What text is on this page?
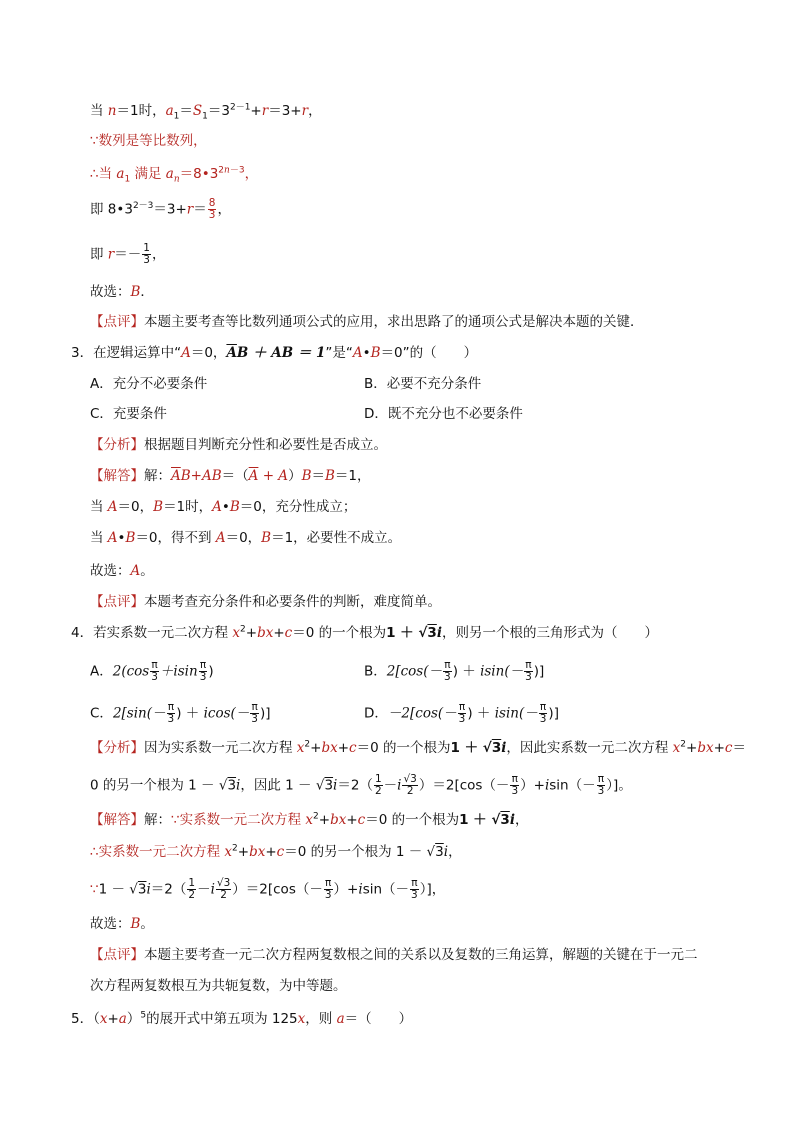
当 n＝1时，$a_1=S_1=3^{2-1}+r=3+r$，
∵数列是等比数列，
∴当 $a_1$ 满足 $a_n=8•3^{2n-3}$，
即 $8•3^{2-3}=3+r= \frac{8}{3}$ ，
即 $r=- \frac{1}{3}$ ，
故选：B．
【点评】本题主要考查等比数列通项公式的应用，求出思路了的通项公式是解决本题的关键．
3．在逻辑运算中“A＝0，$\overline{A}B$ ＋ AB ＝ 1”是“A•B＝0”的（　　）
A．充分不必要条件	B．必要不充分条件
C．充要条件	D．既不充分也不必要条件
【分析】根据题目判断充分性和必要性是否成立。
【解答】解：$\overline{A}B+AB=(\overline{A} + A)B=B=1$，
当 A＝0，B＝1时，A•B＝0，充分性成立；
当 A•B＝0，得不到 A＝0，B＝1，必要性不成立。
故选：A。
【点评】本题考查充分条件和必要条件的判断，难度简单。
4．若实系数一元二次方程 $x^2+bx+c=0$ 的一个根为1 ＋ √3i，则另一个根的三角形式为（　　）
A．$2(\cos \frac{\pi}{3} +isin \frac{\pi}{3}$ )	B．$2[\cos(- \frac{\pi}{3}$ ) ＋ $isin(- \frac{\pi}{3}$ )]
C．$2[\sin(- \frac{\pi}{3}$ ) ＋ $icos(- \frac{\pi}{3}$ )]	D．$-2[\cos(- \frac{\pi}{3}$ ) ＋ $isin(- \frac{\pi}{3}$ )]
【分析】因为实系数一元二次方程 $x^2+bx+c=0$ 的一个根为1 ＋ √3i，因此实系数一元二次方程 $x^2+bx+c=$
0 的另一个根为 1 － √3i，因此 $1 - √3i=2( \frac{1}{2} -i \frac{√3}{2} )=2[\cos(- \frac{\pi}{3} )+isin(- \frac{\pi}{3}$ ）]。
【解答】解：∵实系数一元二次方程 $x^2+bx+c=0$ 的一个根为1 ＋ √3i，
∴实系数一元二次方程 $x^2+bx+c=0$ 的另一个根为 1 － √3i，
∵1 － $√3i=2( \frac{1}{2} -i \frac{√3}{2} )=2[\cos(- \frac{\pi}{3} )+isin(- \frac{\pi}{3}$ ）]，
故选：B。
【点评】本题主要考查一元二次方程两复数根之间的关系以及复数的三角运算，解题的关键在于一元二
次方程两复数根互为共轭复数，为中等题。
5．$(x+a)^5$的展开式中第五项为 125x，则 a＝（　　）
